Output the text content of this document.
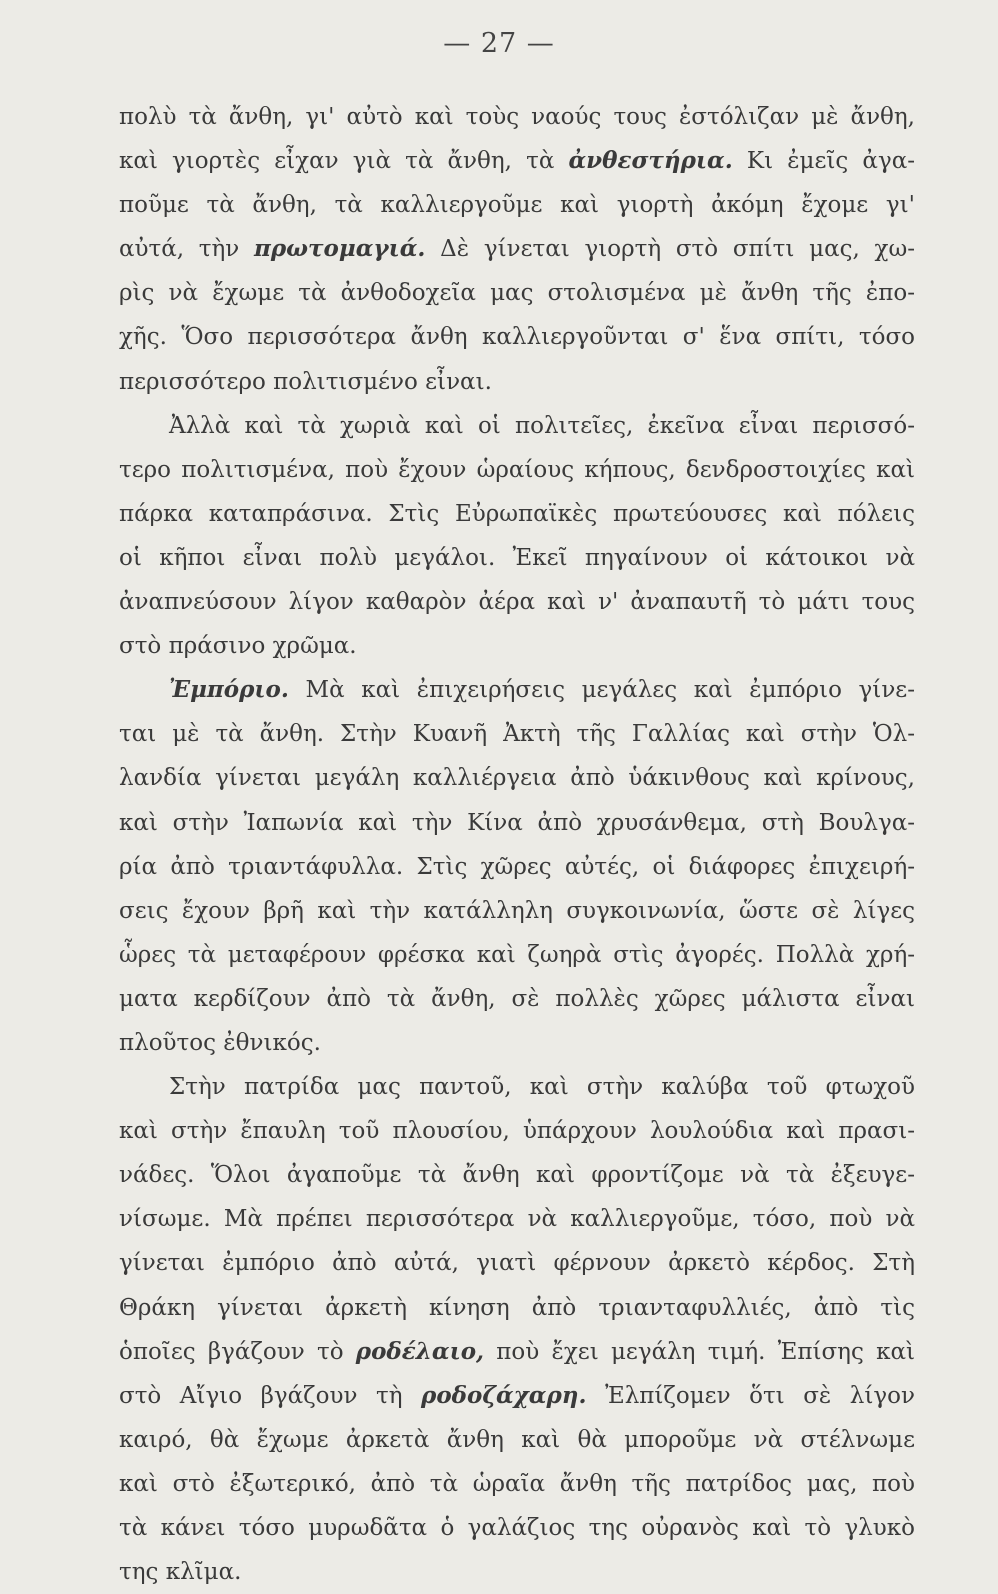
— 27 —
πολὺ τὰ ἄνθη, γι' αὐτὸ καὶ τοὺς ναούς τους ἐστόλιζαν μὲ ἄνθη,
καὶ γιορτὲς εἶχαν γιὰ τὰ ἄνθη, τὰ ἀνθεστήρια. Κι ἐμεῖς ἀγα-
ποῦμε τὰ ἄνθη, τὰ καλλιεργοῦμε καὶ γιορτὴ ἀκόμη ἔχομε γι'
αὐτά, τὴν πρωτομαγιά. Δὲ γίνεται γιορτὴ στὸ σπίτι μας, χω-
ρὶς νὰ ἔχωμε τὰ ἀνθοδοχεῖα μας στολισμένα μὲ ἄνθη τῆς ἐπο-
χῆς. Ὅσο περισσότερα ἄνθη καλλιεργοῦνται σ' ἕνα σπίτι, τόσο
περισσότερο πολιτισμένο εἶναι.
Ἀλλὰ καὶ τὰ χωριὰ καὶ οἱ πολιτεῖες, ἐκεῖνα εἶναι περισσό-
τερο πολιτισμένα, ποὺ ἔχουν ὡραίους κήπους, δενδροστοιχίες καὶ
πάρκα καταπράσινα. Στὶς Εὐρωπαϊκὲς πρωτεύουσες καὶ πόλεις
οἱ κῆποι εἶναι πολὺ μεγάλοι. Ἐκεῖ πηγαίνουν οἱ κάτοικοι νὰ
ἀναπνεύσουν λίγον καθαρὸν ἀέρα καὶ ν' ἀναπαυτῆ τὸ μάτι τους
στὸ πράσινο χρῶμα.
Ἐμπόριο. Μὰ καὶ ἐπιχειρήσεις μεγάλες καὶ ἐμπόριο γίνε-
ται μὲ τὰ ἄνθη. Στὴν Κυανῆ Ἀκτὴ τῆς Γαλλίας καὶ στὴν Ὁλ-
λανδία γίνεται μεγάλη καλλιέργεια ἀπὸ ὑάκινθους καὶ κρίνους,
καὶ στὴν Ἰαπωνία καὶ τὴν Κίνα ἀπὸ χρυσάνθεμα, στὴ Βουλγα-
ρία ἀπὸ τριαντάφυλλα. Στὶς χῶρες αὐτές, οἱ διάφορες ἐπιχειρή-
σεις ἔχουν βρῆ καὶ τὴν κατάλληλη συγκοινωνία, ὥστε σὲ λίγες
ὧρες τὰ μεταφέρουν φρέσκα καὶ ζωηρὰ στὶς ἀγορές. Πολλὰ χρή-
ματα κερδίζουν ἀπὸ τὰ ἄνθη, σὲ πολλὲς χῶρες μάλιστα εἶναι
πλοῦτος ἐθνικός.
Στὴν πατρίδα μας παντοῦ, καὶ στὴν καλύβα τοῦ φτωχοῦ
καὶ στὴν ἔπαυλη τοῦ πλουσίου, ὑπάρχουν λουλούδια καὶ πρασι-
νάδες. Ὅλοι ἀγαποῦμε τὰ ἄνθη καὶ φροντίζομε νὰ τὰ ἐξευγε-
νίσωμε. Μὰ πρέπει περισσότερα νὰ καλλιεργοῦμε, τόσο, ποὺ νὰ
γίνεται ἐμπόριο ἀπὸ αὐτά, γιατὶ φέρνουν ἀρκετὸ κέρδος. Στὴ
Θράκη γίνεται ἀρκετὴ κίνηση ἀπὸ τριανταφυλλιές, ἀπὸ τὶς
ὁποῖες βγάζουν τὸ ροδέλαιο, ποὺ ἔχει μεγάλη τιμή. Ἐπίσης καὶ
στὸ Αἴγιο βγάζουν τὴ ροδοζάχαρη. Ἐλπίζομεν ὅτι σὲ λίγον
καιρό, θὰ ἔχωμε ἀρκετὰ ἄνθη καὶ θὰ μποροῦμε νὰ στέλνωμε
καὶ στὸ ἐξωτερικό, ἀπὸ τὰ ὡραῖα ἄνθη τῆς πατρίδος μας, ποὺ
τὰ κάνει τόσο μυρωδᾶτα ὁ γαλάζιος της οὐρανὸς καὶ τὸ γλυκὸ
της κλῖμα.
